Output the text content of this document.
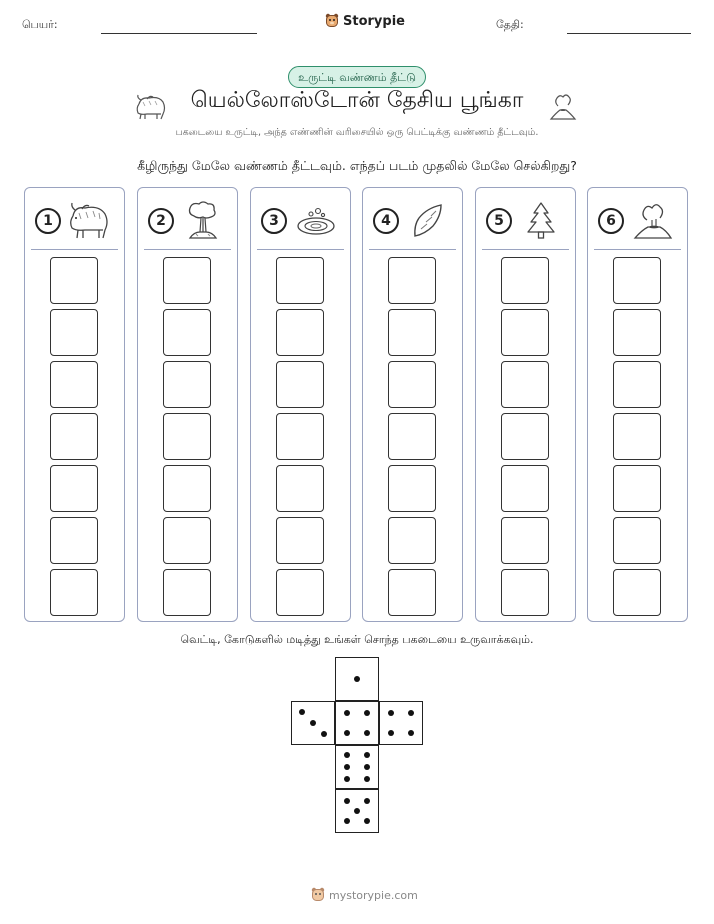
பெயர்:	Storypie	தேதி:
உருட்டி வண்ணம் தீட்டு
யெல்லோஸ்டோன் தேசிய பூங்கா
பகடையை உருட்டி, அந்த எண்ணின் வரிசையில் ஒரு பெட்டிக்கு வண்ணம் தீட்டவும்.
கீழிருந்து மேலே வண்ணம் தீட்டவும். எந்தப் படம் முதலில் மேலே செல்கிறது?
1	2	3	4	5	6
வெட்டி, கோடுகளில் மடித்து உங்கள் சொந்த பகடையை உருவாக்கவும்.
mystorypie.com
